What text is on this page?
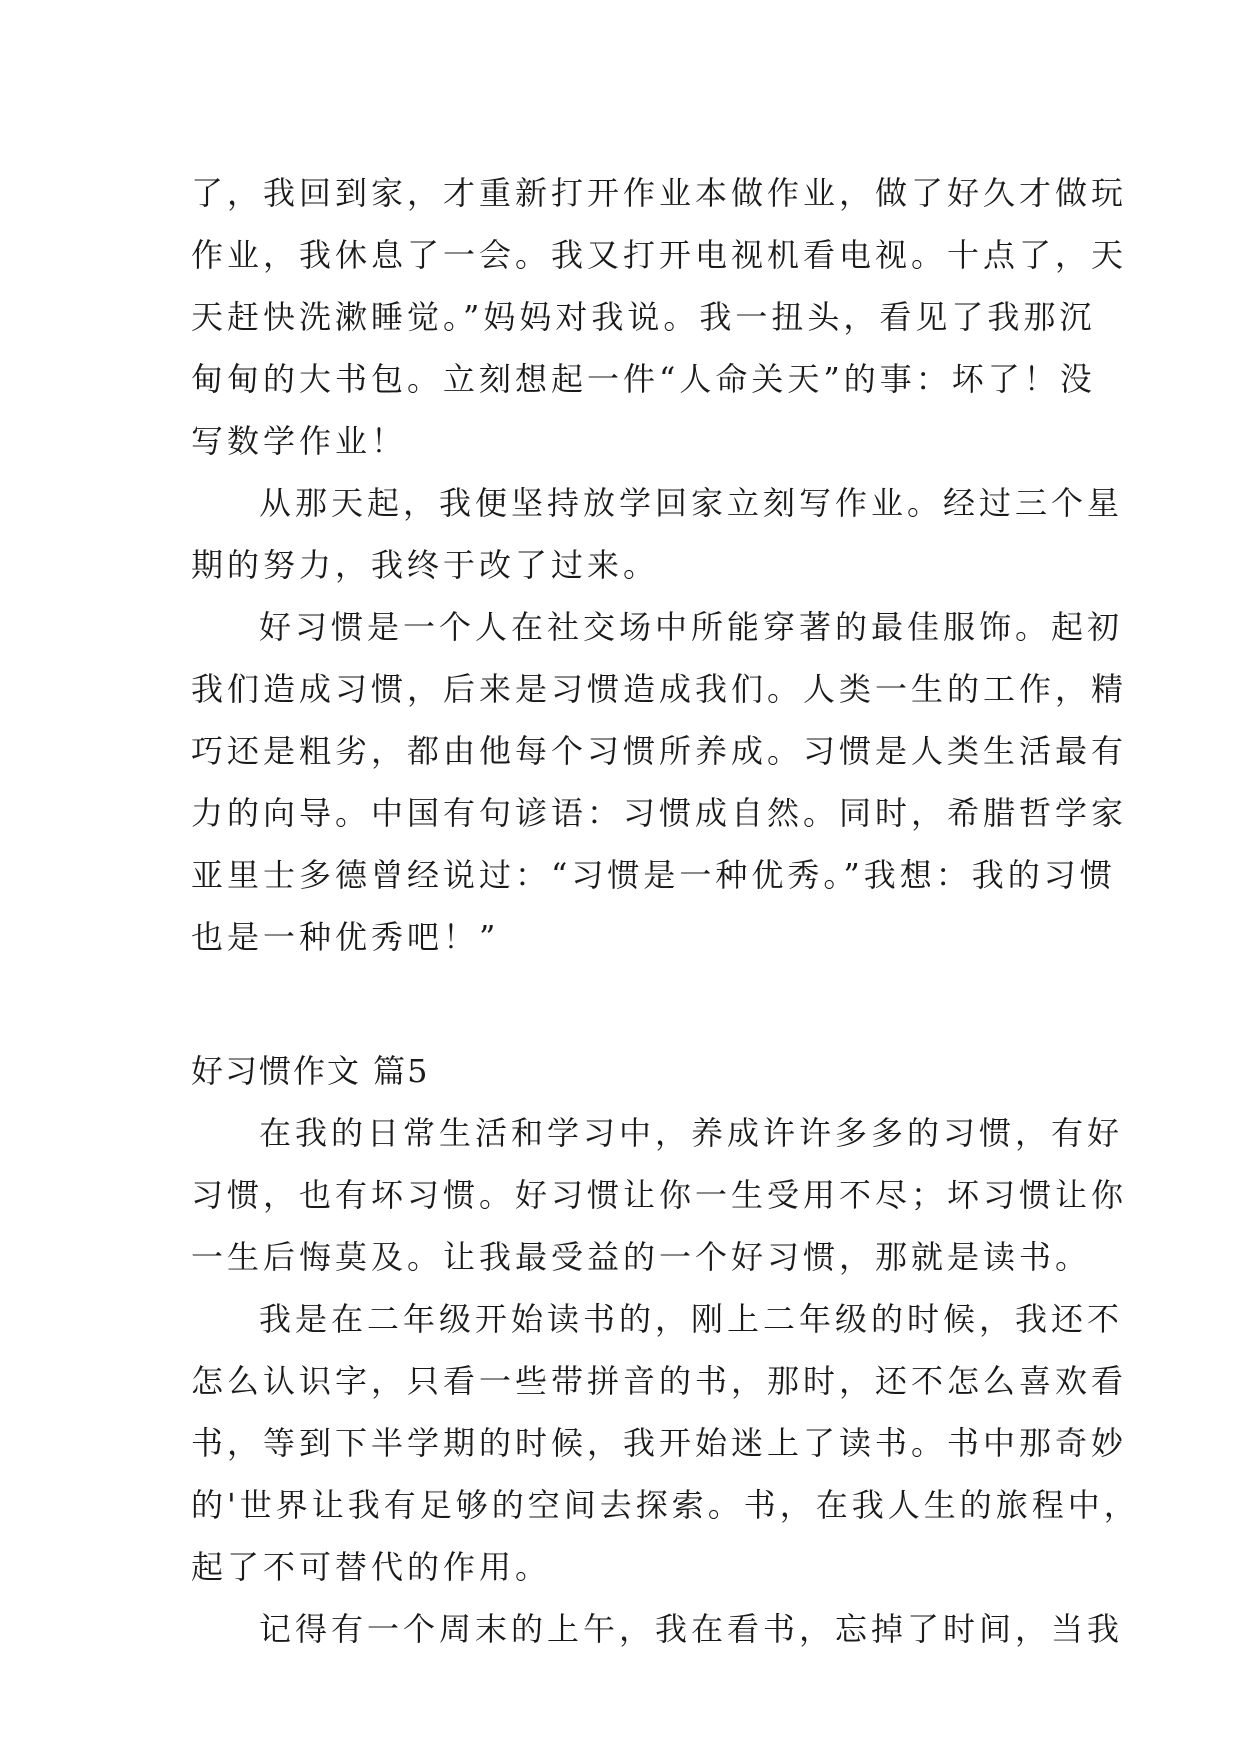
了，我回到家，才重新打开作业本做作业，做了好久才做玩
作业，我休息了一会。我又打开电视机看电视。十点了，天
天赶快洗漱睡觉。”妈妈对我说。我一扭头，看见了我那沉
甸甸的大书包。立刻想起一件“人命关天”的事：坏了！没
写数学作业！
从那天起，我便坚持放学回家立刻写作业。经过三个星
期的努力，我终于改了过来。
好习惯是一个人在社交场中所能穿著的最佳服饰。起初
我们造成习惯，后来是习惯造成我们。人类一生的工作，精
巧还是粗劣，都由他每个习惯所养成。习惯是人类生活最有
力的向导。中国有句谚语：习惯成自然。同时，希腊哲学家
亚里士多德曾经说过：“习惯是一种优秀。”我想：我的习惯
也是一种优秀吧！”
好习惯作文 篇5
在我的日常生活和学习中，养成许许多多的习惯，有好
习惯，也有坏习惯。好习惯让你一生受用不尽；坏习惯让你
一生后悔莫及。让我最受益的一个好习惯，那就是读书。
我是在二年级开始读书的，刚上二年级的时候，我还不
怎么认识字，只看一些带拼音的书，那时，还不怎么喜欢看
书，等到下半学期的时候，我开始迷上了读书。书中那奇妙
的'世界让我有足够的空间去探索。书，在我人生的旅程中，
起了不可替代的作用。
记得有一个周末的上午，我在看书，忘掉了时间，当我
